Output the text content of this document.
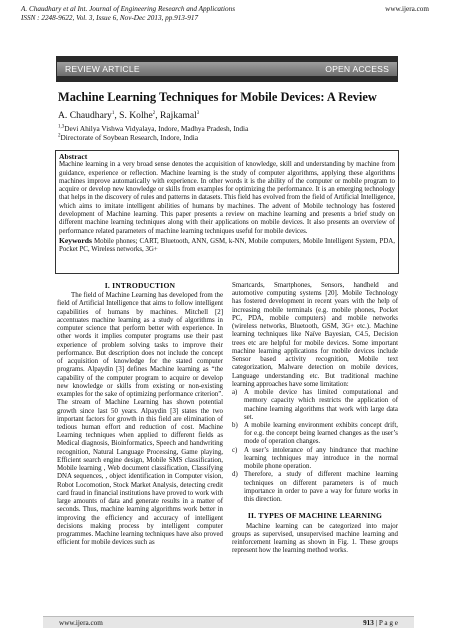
A. Chaudhary et al Int. Journal of Engineering Research and Applications
ISSN : 2248-9622, Vol. 3, Issue 6, Nov-Dec 2013, pp.913-917
www.ijera.com
REVIEW ARTICLE	OPEN ACCESS
Machine Learning Techniques for Mobile Devices: A Review
A. Chaudhary$^1$, S. Kolhe$^2$, Rajkamal$^3$
$^{1,3}$Devi Ahilya Vishwa Vidyalaya, Indore, Madhya Pradesh, India
$^2$Directorate of Soybean Research, Indore, India
Abstract
Machine learning in a very broad sense denotes the acquisition of knowledge, skill and understanding by machine from guidance, experience or reflection. Machine learning is the study of computer algorithms, applying these algorithms machines improve automatically with experience. In other words it is the ability of the computer or mobile program to acquire or develop new knowledge or skills from examples for optimizing the performance. It is an emerging technology that helps in the discovery of rules and patterns in datasets. This field has evolved from the field of Artificial Intelligence, which aims to imitate intelligent abilities of humans by machines. The advent of Mobile technology has fostered development of Machine learning. This paper presents a review on machine learning and presents a brief study on different machine learning techniques along with their applications on mobile devices. It also presents an overview of performance related parameters of machine learning techniques useful for mobile devices.
Keywords Mobile phones; CART, Bluetooth, ANN, GSM, k-NN, Mobile computers, Mobile Intelligent System, PDA, Pocket PC, Wireless networks, 3G+
I. INTRODUCTION

The field of Machine Learning has developed from the field of Artificial Intelligence that aims to follow intelligent capabilities of humans by machines. Mitchell [2] accentuates machine learning as a study of algorithms in computer science that perform better with experience. In other words it implies computer programs use their past experience of problem solving tasks to improve their performance. But description does not include the concept of acquisition of knowledge for the stated computer programs. Alpaydin [3] defines Machine learning as “the capability of the computer program to acquire or develop new knowledge or skills from existing or non-existing examples for the sake of optimizing performance criterion”. The stream of Machine Learning has shown potential growth since last 50 years. Alpaydin [3] states the two important factors for growth in this field are elimination of tedious human effort and reduction of cost. Machine Learning techniques when applied to different fields as Medical diagnosis, Bioinformatics, Speech and handwriting recognition, Natural Language Processing, Game playing, Efficient search engine design, Mobile SMS classification, Mobile learning , Web document classification, Classifying DNA sequences, , object identification in Computer vision, Robot Locomotion, Stock Market Analysis, detecting credit card fraud in financial institutions have proved to work with large amounts of data and generate results in a matter of seconds. Thus, machine learning algorithms work better in improving the efficiency and accuracy of intelligent decisions making process by intelligent computer programmes. Machine learning techniques have also proved efficient for mobile devices such as

Smartcards, Smartphones, Sensors, handheld and automotive computing systems [20]. Mobile Technology has fostered development in recent years with the help of increasing mobile terminals (e.g. mobile phones, Pocket PC, PDA, mobile computers) and mobile networks (wireless networks, Bluetooth, GSM, 3G+ etc.). Machine learning techniques like Naïve Bayesian, C4.5, Decision trees etc are helpful for mobile devices. Some important machine learning applications for mobile devices include Sensor based activity recognition, Mobile text categorization, Malware detection on mobile devices, Language understanding etc. But traditional machine learning approaches have some limitation:

a) A mobile device has limited computational and memory capacity which restricts the application of machine learning algorithms that work with large data set.
b) A mobile learning environment exhibits concept drift, for e.g. the concept being learned changes as the user’s mode of operation changes.
c) A user’s intolerance of any hindrance that machine learning techniques may introduce in the normal mobile phone operation.
d) Therefore, a study of different machine learning techniques on different parameters is of much importance in order to pave a way for future works in this direction.
II. TYPES OF MACHINE LEARNING

Machine learning can be categorized into major groups as supervised, unsupervised machine learning and reinforcement learning as shown in Fig. 1. These groups represent how the learning method works.

www.ijera.com	913 | P a g e
